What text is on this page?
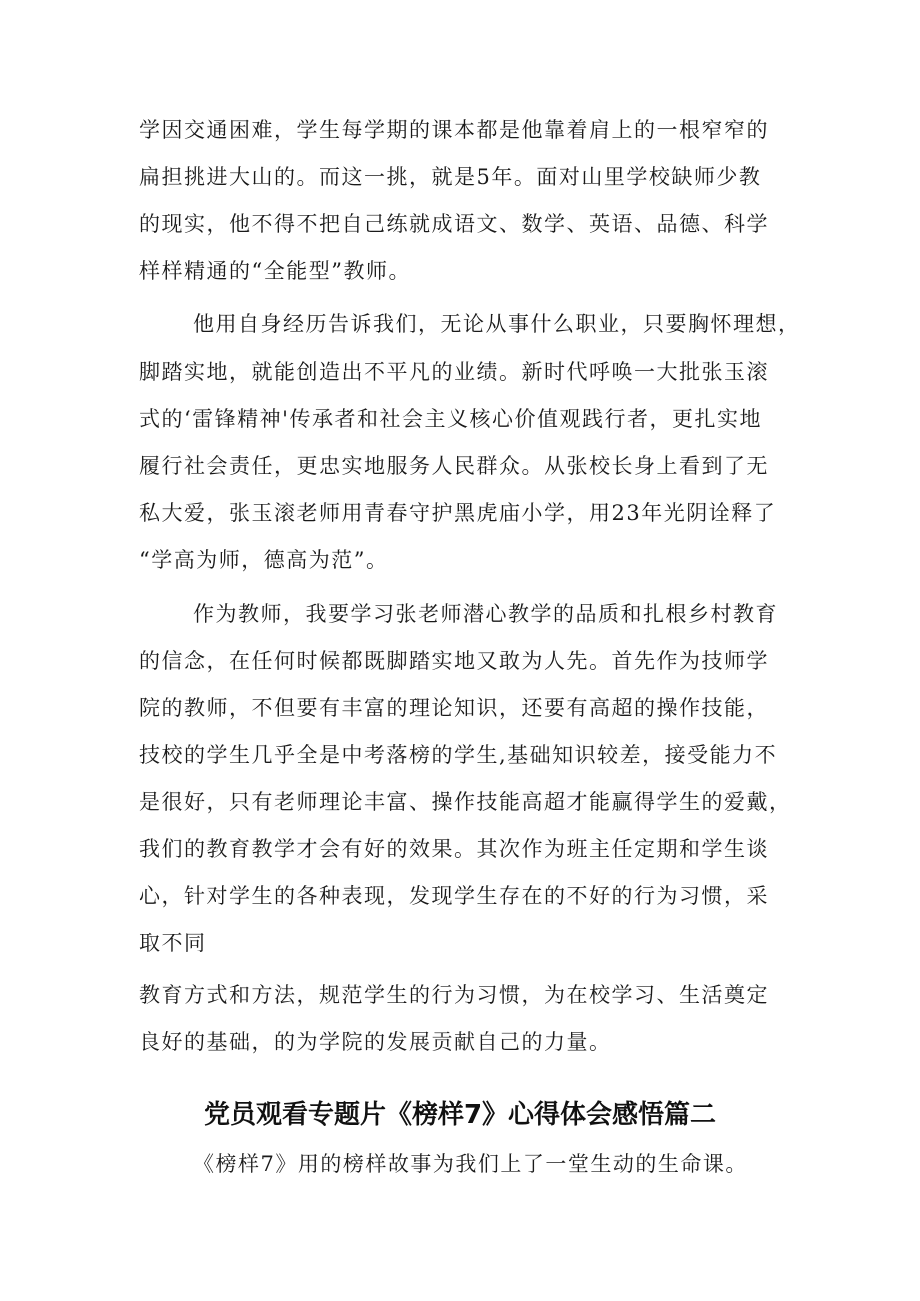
学因交通困难，学生每学期的课本都是他靠着肩上的一根窄窄的
扁担挑进大山的。而这一挑，就是5年。面对山里学校缺师少教
的现实，他不得不把自己练就成语文、数学、英语、品德、科学
样样精通的“全能型”教师。
他用自身经历告诉我们，无论从事什么职业，只要胸怀理想，
脚踏实地，就能创造出不平凡的业绩。新时代呼唤一大批张玉滚
式的‘雷锋精神'传承者和社会主义核心价值观践行者，更扎实地
履行社会责任，更忠实地服务人民群众。从张校长身上看到了无
私大爱，张玉滚老师用青春守护黑虎庙小学，用23年光阴诠释了
“学高为师，德高为范”。
作为教师，我要学习张老师潜心教学的品质和扎根乡村教育
的信念，在任何时候都既脚踏实地又敢为人先。首先作为技师学
院的教师，不但要有丰富的理论知识，还要有高超的操作技能，
技校的学生几乎全是中考落榜的学生,基础知识较差，接受能力不
是很好，只有老师理论丰富、操作技能高超才能赢得学生的爱戴，
我们的教育教学才会有好的效果。其次作为班主任定期和学生谈
心，针对学生的各种表现，发现学生存在的不好的行为习惯，采
取不同
教育方式和方法，规范学生的行为习惯，为在校学习、生活奠定
良好的基础，的为学院的发展贡献自己的力量。
党员观看专题片《榜样7》心得体会感悟篇二
《榜样7》用的榜样故事为我们上了一堂生动的生命课。
